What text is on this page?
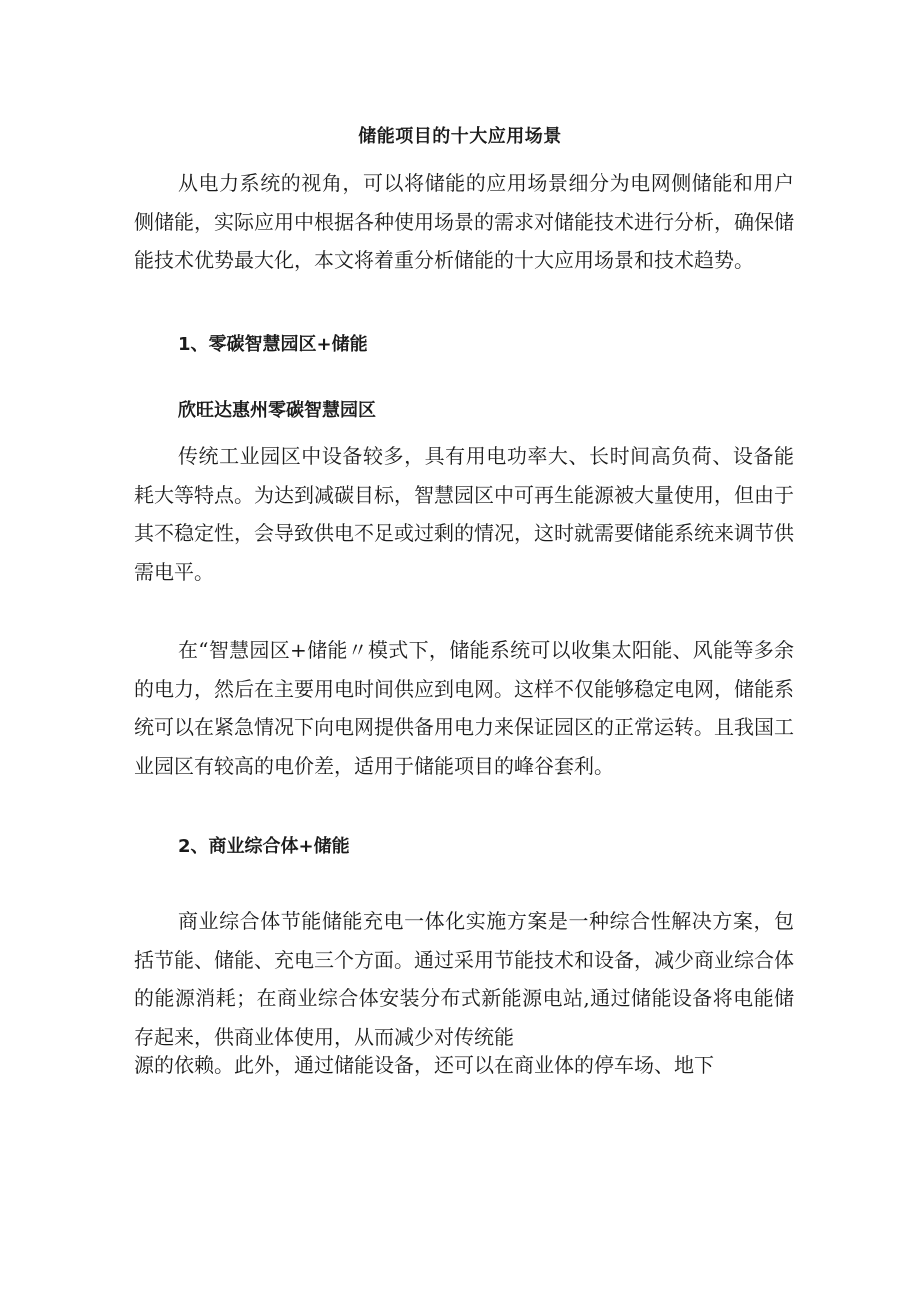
储能项目的十大应用场景

从电力系统的视角，可以将储能的应用场景细分为电网侧储能和用户侧储能，实际应用中根据各种使用场景的需求对储能技术进行分析，确保储能技术优势最大化，本文将着重分析储能的十大应用场景和技术趋势。

1、零碳智慧园区+储能
欣旺达惠州零碳智慧园区

传统工业园区中设备较多，具有用电功率大、长时间高负荷、设备能耗大等特点。为达到减碳目标，智慧园区中可再生能源被大量使用，但由于其不稳定性，会导致供电不足或过剩的情况，这时就需要储能系统来调节供需电平。

在“智慧园区+储能〃模式下，储能系统可以收集太阳能、风能等多余的电力，然后在主要用电时间供应到电网。这样不仅能够稳定电网，储能系统可以在紧急情况下向电网提供备用电力来保证园区的正常运转。且我国工业园区有较高的电价差，适用于储能项目的峰谷套利。

2、商业综合体+储能

商业综合体节能储能充电一体化实施方案是一种综合性解决方案，包括节能、储能、充电三个方面。通过采用节能技术和设备，减少商业综合体的能源消耗；在商业综合体安装分布式新能源电站,通过储能设备将电能储存起来，供商业体使用，从而减少对传统能

源的依赖。此外，通过储能设备，还可以在商业体的停车场、地下
